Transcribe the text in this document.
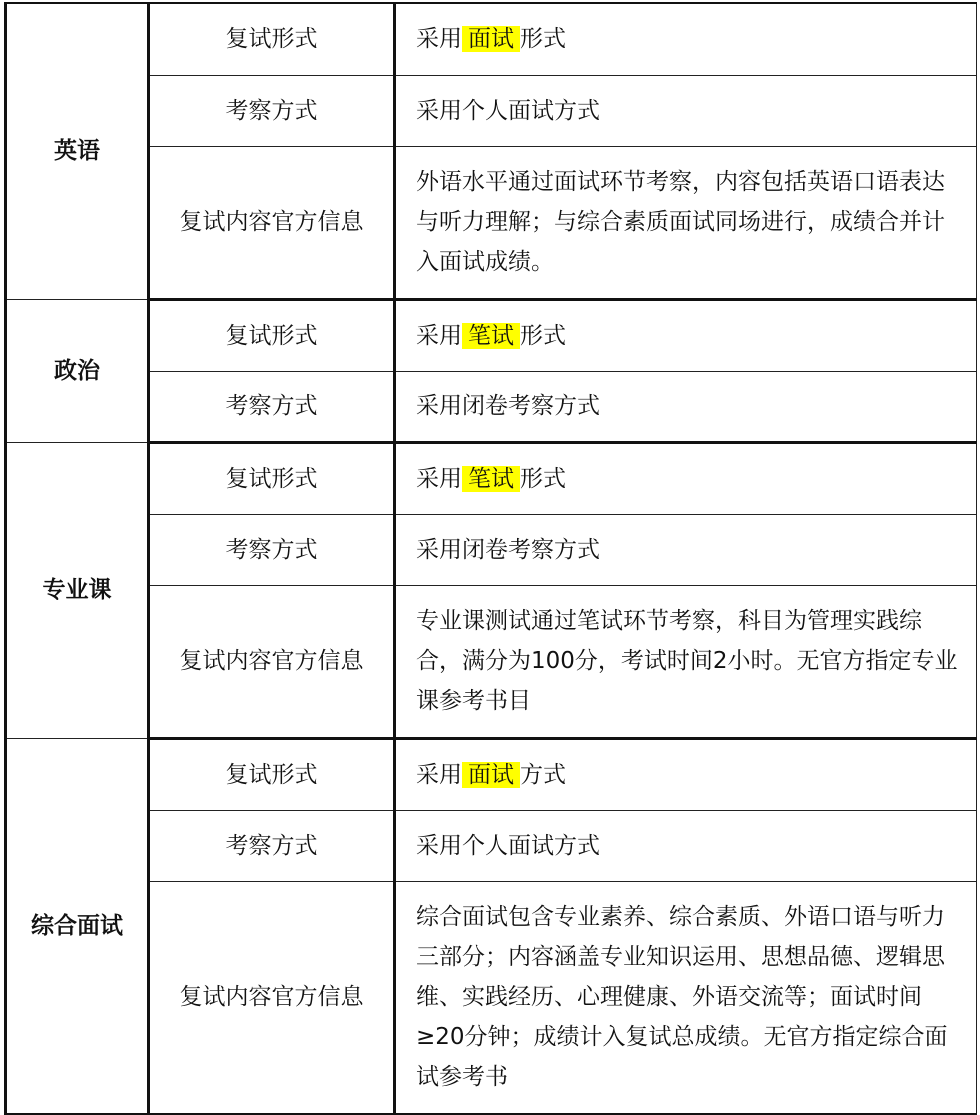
英语	复试形式	采用 面试 形式
	考察方式	采用个人面试方式
	复试内容官方信息	外语水平通过面试环节考察，内容包括英语口语表达与听力理解；与综合素质面试同场进行，成绩合并计入面试成绩。
政治	复试形式	采用 笔试 形式
	考察方式	采用闭卷考察方式
专业课	复试形式	采用 笔试 形式
	考察方式	采用闭卷考察方式
	复试内容官方信息	专业课测试通过笔试环节考察，科目为管理实践综合，满分为100分，考试时间2小时。无官方指定专业课参考书目
综合面试	复试形式	采用 面试 方式
	考察方式	采用个人面试方式
	复试内容官方信息	综合面试包含专业素养、综合素质、外语口语与听力三部分；内容涵盖专业知识运用、思想品德、逻辑思维、实践经历、心理健康、外语交流等；面试时间≥20分钟；成绩计入复试总成绩。无官方指定综合面试参考书
